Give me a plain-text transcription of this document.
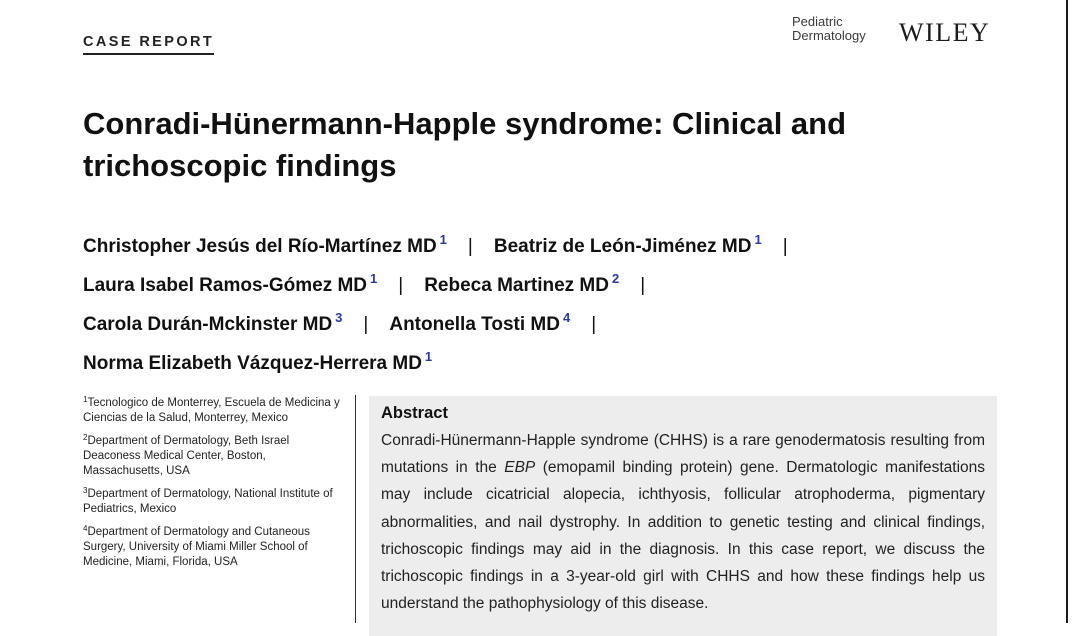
CASE REPORT
Pediatric
Dermatology WILEY
Conradi-Hünermann-Happle syndrome: Clinical and trichoscopic findings
Christopher Jesús del Río-Martínez MD $^1$ | Beatriz de León-Jiménez MD $^1$ |
Laura Isabel Ramos-Gómez MD $^1$ | Rebeca Martinez MD $^2$ |
Carola Durán-Mckinster MD $^3$ | Antonella Tosti MD $^4$ |
Norma Elizabeth Vázquez-Herrera MD $^1$
$^1$Tecnologico de Monterrey, Escuela de Medicina y Ciencias de la Salud, Monterrey, Mexico
$^2$Department of Dermatology, Beth Israel Deaconess Medical Center, Boston, Massachusetts, USA
$^3$Department of Dermatology, National Institute of Pediatrics, Mexico
$^4$Department of Dermatology and Cutaneous Surgery, University of Miami Miller School of Medicine, Miami, Florida, USA
Abstract

Conradi-Hünermann-Happle syndrome (CHHS) is a rare genodermatosis resulting from mutations in the EBP (emopamil binding protein) gene. Dermatologic manifestations may include cicatricial alopecia, ichthyosis, follicular atrophoderma, pigmentary abnormalities, and nail dystrophy. In addition to genetic testing and clinical findings, trichoscopic findings may aid in the diagnosis. In this case report, we discuss the trichoscopic findings in a 3-year-old girl with CHHS and how these findings help us understand the pathophysiology of this disease.
